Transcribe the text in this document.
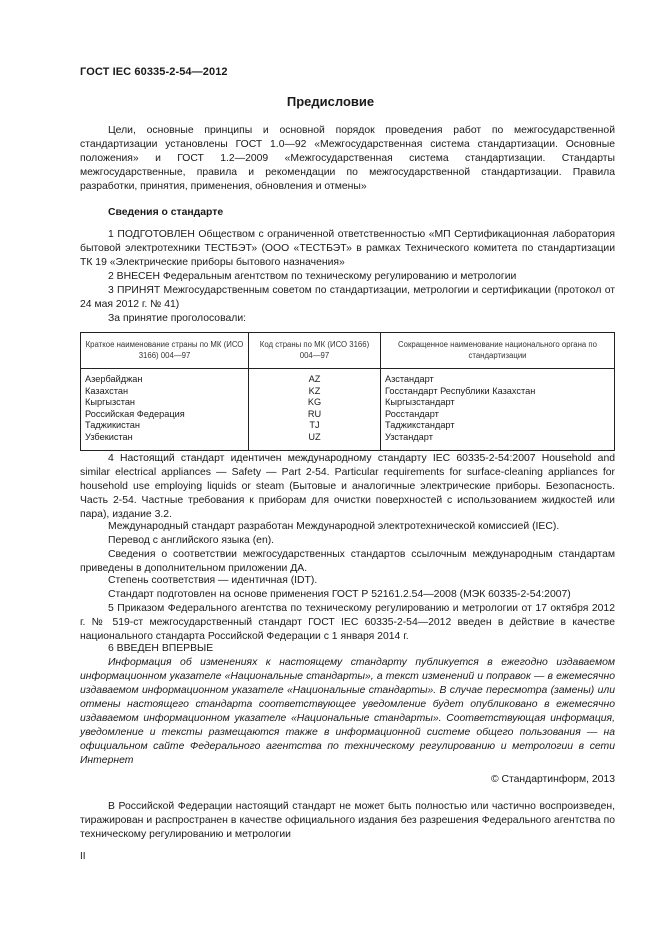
ГОСТ IEC 60335-2-54—2012
Предисловие
Цели, основные принципы и основной порядок проведения работ по межгосударственной стандартизации установлены ГОСТ 1.0—92 «Межгосударственная система стандартизации. Основные положения» и ГОСТ 1.2—2009 «Межгосударственная система стандартизации. Стандарты межгосударственные, правила и рекомендации по межгосударственной стандартизации. Правила разработки, принятия, применения, обновления и отмены»
Сведения о стандарте
1 ПОДГОТОВЛЕН Обществом с ограниченной ответственностью «МП Сертификационная лаборатория бытовой электротехники ТЕСТБЭТ» (ООО «ТЕСТБЭТ» в рамках Технического комитета по стандартизации ТК 19 «Электрические приборы бытового назначения»
2 ВНЕСЕН Федеральным агентством по техническому регулированию и метрологии
3 ПРИНЯТ Межгосударственным советом по стандартизации, метрологии и сертификации (протокол от 24 мая 2012 г. № 41)
За принятие проголосовали:
Краткое наименование страны по МК (ИСО 3166) 004—97	Код страны по МК (ИСО 3166) 004—97	Сокращенное наименование национального органа по стандартизации
Азербайджан	AZ	Азстандарт
Казахстан	KZ	Госстандарт Республики Казахстан
Кыргызстан	KG	Кыргызстандарт
Российская Федерация	RU	Росстандарт
Таджикистан	TJ	Таджикстандарт
Узбекистан	UZ	Узстандарт
4 Настоящий стандарт идентичен международному стандарту IEC 60335-2-54:2007 Household and similar electrical appliances — Safety — Part 2-54. Particular requirements for surface-cleaning appliances for household use employing liquids or steam (Бытовые и аналогичные электрические приборы. Безопасность. Часть 2-54. Частные требования к приборам для очистки поверхностей с использованием жидкостей или пара), издание 3.2.
Международный стандарт разработан Международной электротехнической комиссией (IEC).
Перевод с английского языка (en).
Сведения о соответствии межгосударственных стандартов ссылочным международным стандартам приведены в дополнительном приложении ДА.
Степень соответствия — идентичная (IDT).
Стандарт подготовлен на основе применения ГОСТ Р 52161.2.54—2008 (МЭК 60335-2-54:2007)
5 Приказом Федерального агентства по техническому регулированию и метрологии от 17 октября 2012 г. № 519-ст межгосударственный стандарт ГОСТ IEC 60335-2-54—2012 введен в действие в качестве национального стандарта Российской Федерации с 1 января 2014 г.
6 ВВЕДЕН ВПЕРВЫЕ
Информация об изменениях к настоящему стандарту публикуется в ежегодно издаваемом информационном указателе «Национальные стандарты», а текст изменений и поправок — в ежемесячно издаваемом информационном указателе «Национальные стандарты». В случае пересмотра (замены) или отмены настоящего стандарта соответствующее уведомление будет опубликовано в ежемесячно издаваемом информационном указателе «Национальные стандарты». Соответствующая информация, уведомление и тексты размещаются также в информационной системе общего пользования — на официальном сайте Федерального агентства по техническому регулированию и метрологии в сети Интернет
© Стандартинформ, 2013
В Российской Федерации настоящий стандарт не может быть полностью или частично воспроизведен, тиражирован и распространен в качестве официального издания без разрешения Федерального агентства по техническому регулированию и метрологии
II
